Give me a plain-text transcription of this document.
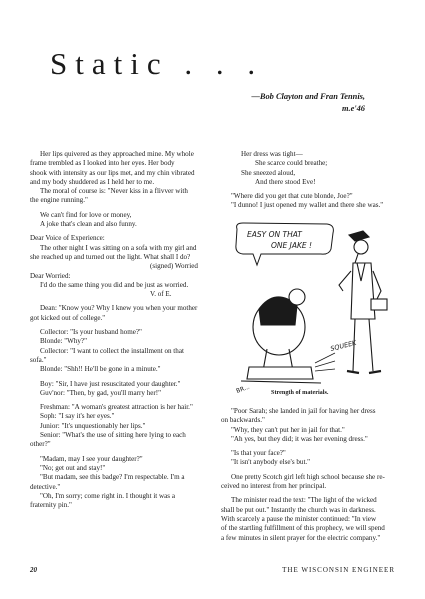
Static . . .
—Bob Clayton and Fran Tennis,
m.e'46
Her lips quivered as they approached mine. My whole
frame trembled as I looked into her eyes. Her body
shook with intensity as our lips met, and my chin vibrated
and my body shuddered as I held her to me.
The moral of course is: "Never kiss in a flivver with
the engine running."
We can't find for love or money,
A joke that's clean and also funny.
Dear Voice of Experience:
The other night I was sitting on a sofa with my girl and
she reached up and turned out the light. What shall I do?
(signed) Worried
Dear Worried:
I'd do the same thing you did and be just as worried.
V. of E.
Dean: "Know you? Why I knew you when your mother
got kicked out of college."
Collector: "Is your husband home?"
Blonde: "Why?"
Collector: "I want to collect the installment on that
sofa."
Blonde: "Shh!! He'll be gone in a minute."
Boy: "Sir, I have just resuscitated your daughter."
Guv'nor: "Then, by gad, you'll marry her!"
Freshman: "A woman's greatest attraction is her hair."
Soph: "I say it's her eyes."
Junior: "It's unquestionably her lips."
Senior: "What's the use of sitting here lying to each
other?"
"Madam, may I see your daughter?"
"No; get out and stay!"
"But madam, see this badge? I'm respectable. I'm a
detective."
"Oh, I'm sorry; come right in. I thought it was a
fraternity pin."
Her dress was tight—
She scarce could breathe;
She sneezed aloud,
And there stood Eve!
"Where did you get that cute blonde, Joe?"
"I dunno! I just opened my wallet and there she was."
EASY ON THAT
ONE JAKE !
SQUEEK
BR...	Strength of materials.
"Poor Sarah; she landed in jail for having her dress
on backwards."
"Why, they can't put her in jail for that."
"Ah yes, but they did; it was her evening dress."
"Is that your face?"
"It isn't anybody else's but."
One pretty Scotch girl left high school because she re-
ceived no interest from her principal.
The minister read the text: "The light of the wicked
shall be put out." Instantly the church was in darkness.
With scarcely a pause the minister continued: "In view
of the startling fulfillment of this prophecy, we will spend
a few minutes in silent prayer for the electric company."
20	THE WISCONSIN ENGINEER
